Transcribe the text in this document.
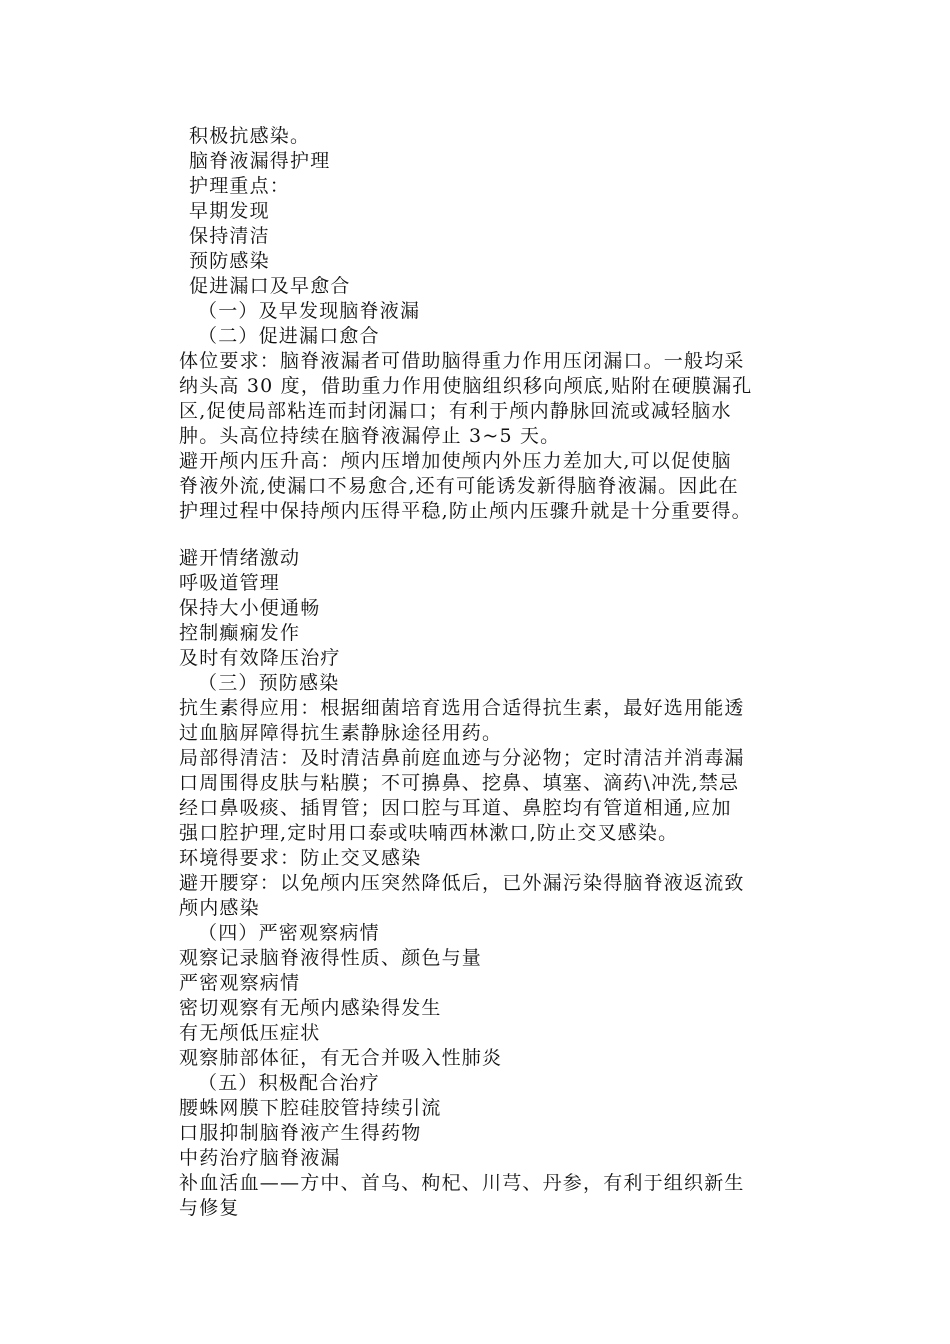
积极抗感染。
脑脊液漏得护理
护理重点：
早期发现
保持清洁
预防感染
促进漏口及早愈合
（一）及早发现脑脊液漏
（二）促进漏口愈合
体位要求：脑脊液漏者可借助脑得重力作用压闭漏口。一般均采
纳头高 30 度，借助重力作用使脑组织移向颅底,贴附在硬膜漏孔
区,促使局部粘连而封闭漏口；有利于颅内静脉回流或减轻脑水
肿。头高位持续在脑脊液漏停止 3~5 天。
避开颅内压升高：颅内压增加使颅内外压力差加大,可以促使脑
脊液外流,使漏口不易愈合,还有可能诱发新得脑脊液漏。因此在
护理过程中保持颅内压得平稳,防止颅内压骤升就是十分重要得。
避开情绪激动
呼吸道管理
保持大小便通畅
控制癫痫发作
及时有效降压治疗
（三）预防感染
抗生素得应用：根据细菌培育选用合适得抗生素，最好选用能透
过血脑屏障得抗生素静脉途径用药。
局部得清洁：及时清洁鼻前庭血迹与分泌物；定时清洁并消毒漏
口周围得皮肤与粘膜；不可擤鼻、挖鼻、填塞、滴药\冲洗,禁忌
经口鼻吸痰、插胃管；因口腔与耳道、鼻腔均有管道相通,应加
强口腔护理,定时用口泰或呋喃西林漱口,防止交叉感染。
环境得要求：防止交叉感染
避开腰穿：以免颅内压突然降低后，已外漏污染得脑脊液返流致
颅内感染
（四）严密观察病情
观察记录脑脊液得性质、颜色与量
严密观察病情
密切观察有无颅内感染得发生
有无颅低压症状
观察肺部体征，有无合并吸入性肺炎
（五）积极配合治疗
腰蛛网膜下腔硅胶管持续引流
口服抑制脑脊液产生得药物
中药治疗脑脊液漏
补血活血——方中、首乌、枸杞、川芎、丹参，有利于组织新生
与修复
